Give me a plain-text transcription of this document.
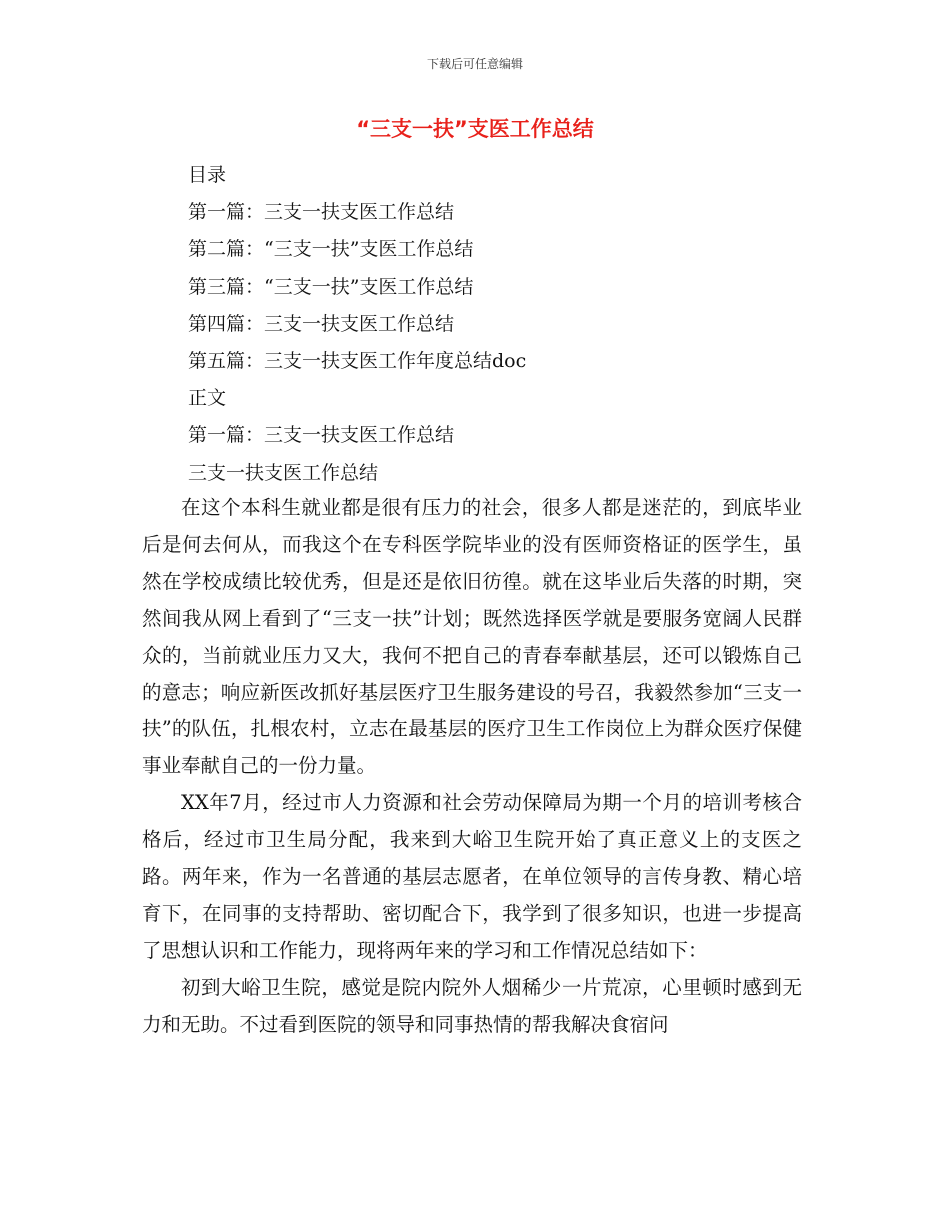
下载后可任意编辑
“三支一扶”支医工作总结
目录
第一篇：三支一扶支医工作总结
第二篇：“三支一扶”支医工作总结
第三篇：“三支一扶”支医工作总结
第四篇：三支一扶支医工作总结
第五篇：三支一扶支医工作年度总结doc
正文
第一篇：三支一扶支医工作总结
三支一扶支医工作总结

在这个本科生就业都是很有压力的社会，很多人都是迷茫的，到底毕业后是何去何从，而我这个在专科医学院毕业的没有医师资格证的医学生，虽然在学校成绩比较优秀，但是还是依旧彷徨。就在这毕业后失落的时期，突然间我从网上看到了“三支一扶”计划；既然选择医学就是要服务宽阔人民群众的，当前就业压力又大，我何不把自己的青春奉献基层，还可以锻炼自己的意志；响应新医改抓好基层医疗卫生服务建设的号召，我毅然参加“三支一扶”的队伍，扎根农村，立志在最基层的医疗卫生工作岗位上为群众医疗保健事业奉献自己的一份力量。

XX年7月，经过市人力资源和社会劳动保障局为期一个月的培训考核合格后，经过市卫生局分配，我来到大峪卫生院开始了真正意义上的支医之路。两年来，作为一名普通的基层志愿者，在单位领导的言传身教、精心培育下，在同事的支持帮助、密切配合下，我学到了很多知识，也进一步提高了思想认识和工作能力，现将两年来的学习和工作情况总结如下：

初到大峪卫生院，感觉是院内院外人烟稀少一片荒凉，心里顿时感到无力和无助。不过看到医院的领导和同事热情的帮我解决食宿问
